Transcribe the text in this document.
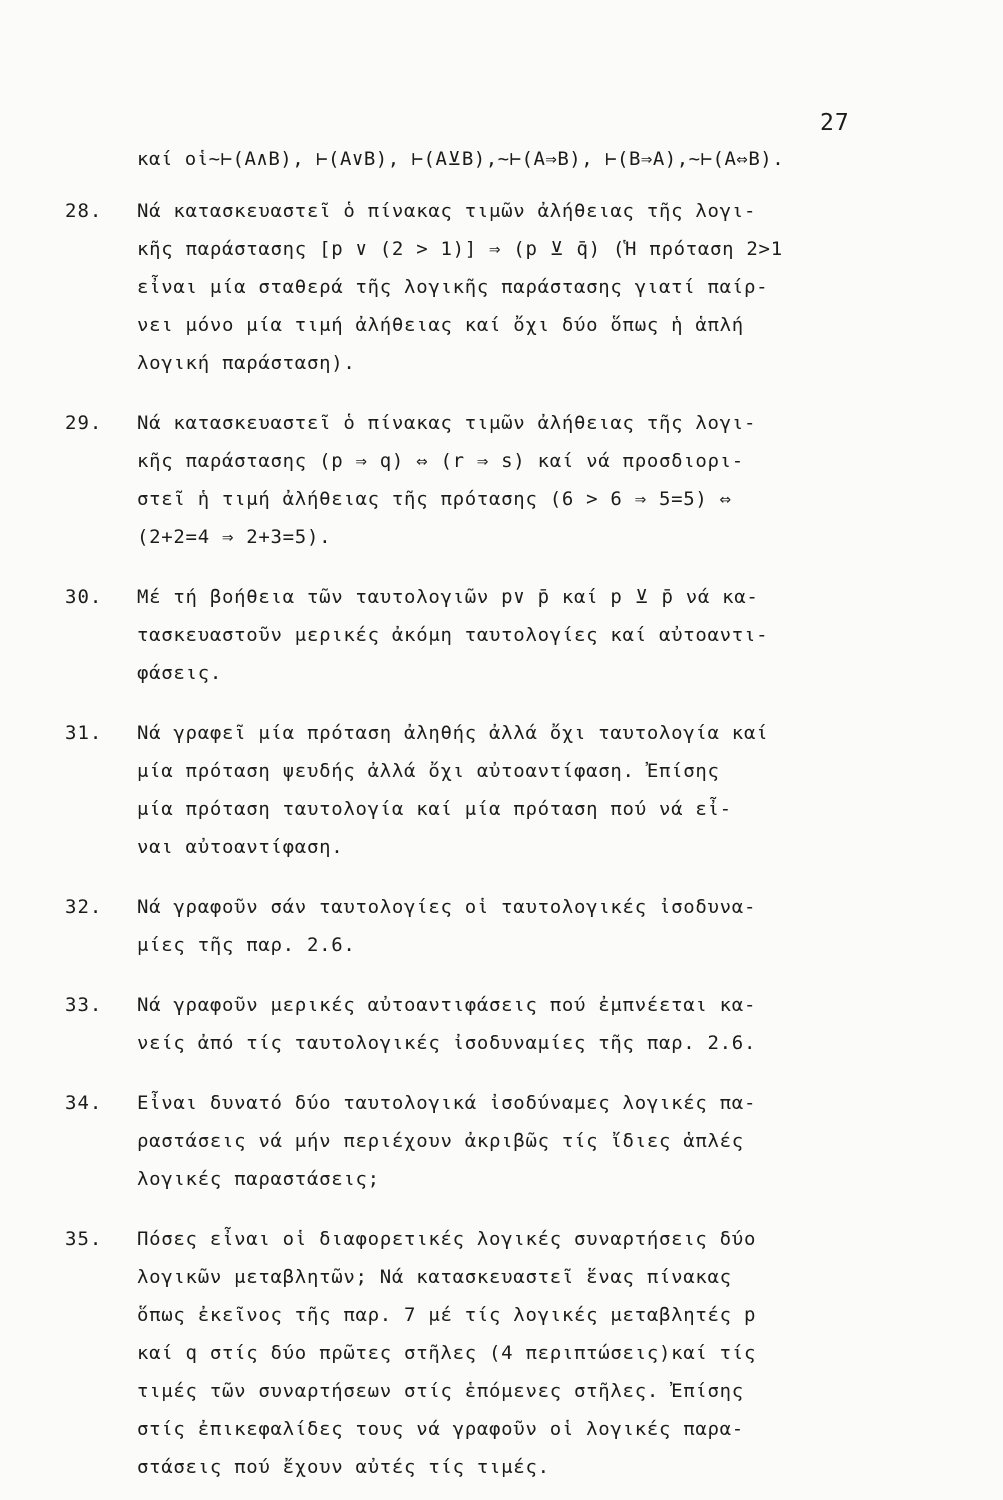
27
καί οἱ~⊢(Α∧Β), ⊢(Α∨Β), ⊢(Α⊻Β),~⊢(Α⇒Β), ⊢(Β⇒Α),~⊢(Α⇔Β).
28.	Νά κατασκευαστεῖ ὁ πίνακας τιμῶν ἀλήθειας τῆς λογι-
κῆς παράστασης [p ∨ (2 > 1)] ⇒ (p ⊻ q̄) (Ἡ πρόταση 2>1
εἶναι μία σταθερά τῆς λογικῆς παράστασης γιατί παίρ-
νει μόνο μία τιμή ἀλήθειας καί ὄχι δύο ὅπως ἡ ἁπλή
λογική παράσταση).
29.	Νά κατασκευαστεῖ ὁ πίνακας τιμῶν ἀλήθειας τῆς λογι-
κῆς παράστασης (p ⇒ q) ⇔ (r ⇒ s) καί νά προσδιορι-
στεῖ ἡ τιμή ἀλήθειας τῆς πρότασης (6 > 6 ⇒ 5=5) ⇔
(2+2=4 ⇒ 2+3=5).
30.	Μέ τή βοήθεια τῶν ταυτολογιῶν p∨ p̄ καί p ⊻ p̄ νά κα-
τασκευαστοῦν μερικές ἀκόμη ταυτολογίες καί αὐτοαντι-
φάσεις.
31.	Νά γραφεῖ μία πρόταση ἀληθής ἀλλά ὄχι ταυτολογία καί
μία πρόταση ψευδής ἀλλά ὄχι αὐτοαντίφαση. Ἐπίσης
μία πρόταση ταυτολογία καί μία πρόταση πού νά εἶ-
ναι αὐτοαντίφαση.
32.	Νά γραφοῦν σάν ταυτολογίες οἱ ταυτολογικές ἰσοδυνα-
μίες τῆς παρ. 2.6.
33.	Νά γραφοῦν μερικές αὐτοαντιφάσεις πού ἐμπνέεται κα-
νείς ἀπό τίς ταυτολογικές ἰσοδυναμίες τῆς παρ. 2.6.
34.	Εἶναι δυνατό δύο ταυτολογικά ἰσοδύναμες λογικές πα-
ραστάσεις νά μήν περιέχουν ἀκριβῶς τίς ἴδιες ἁπλές
λογικές παραστάσεις;
35.	Πόσες εἶναι οἱ διαφορετικές λογικές συναρτήσεις δύο
λογικῶν μεταβλητῶν; Νά κατασκευαστεῖ ἕνας πίνακας
ὅπως ἐκεῖνος τῆς παρ. 7 μέ τίς λογικές μεταβλητές p
καί q στίς δύο πρῶτες στῆλες (4 περιπτώσεις)καί τίς
τιμές τῶν συναρτήσεων στίς ἑπόμενες στῆλες. Ἐπίσης
στίς ἐπικεφαλίδες τους νά γραφοῦν οἱ λογικές παρα-
στάσεις πού ἔχουν αὐτές τίς τιμές.
